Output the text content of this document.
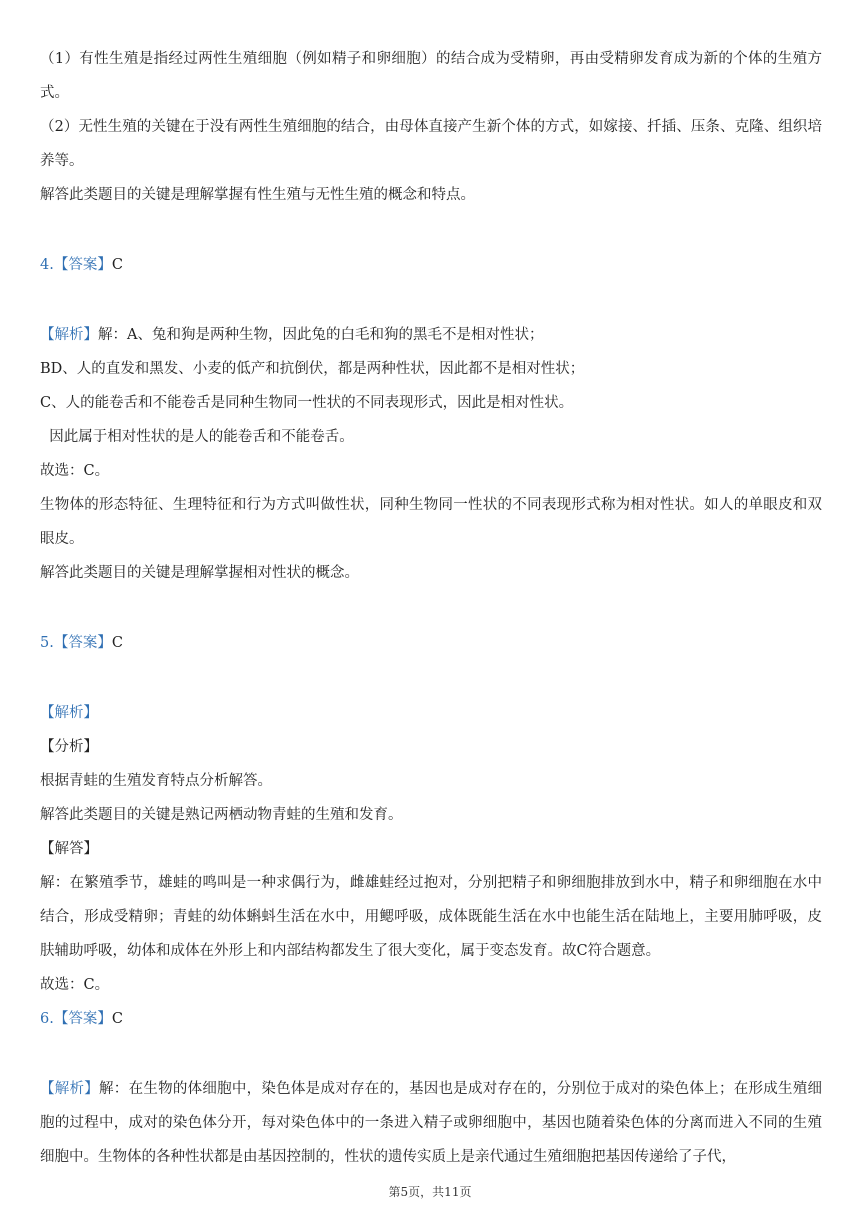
（1）有性生殖是指经过两性生殖细胞（例如精子和卵细胞）的结合成为受精卵，再由受精卵发育成为新的个体的生殖方式。

（2）无性生殖的关键在于没有两性生殖细胞的结合，由母体直接产生新个体的方式，如嫁接、扦插、压条、克隆、组织培养等。

解答此类题目的关键是理解掌握有性生殖与无性生殖的概念和特点。

4.【答案】C

【解析】解：A、兔和狗是两种生物，因此兔的白毛和狗的黑毛不是相对性状；

BD、人的直发和黑发、小麦的低产和抗倒伏，都是两种性状，因此都不是相对性状；

C、人的能卷舌和不能卷舌是同种生物同一性状的不同表现形式，因此是相对性状。

因此属于相对性状的是人的能卷舌和不能卷舌。

故选：C。

生物体的形态特征、生理特征和行为方式叫做性状，同种生物同一性状的不同表现形式称为相对性状。如人的单眼皮和双眼皮。

解答此类题目的关键是理解掌握相对性状的概念。

5.【答案】C

【解析】

【分析】

根据青蛙的生殖发育特点分析解答。

解答此类题目的关键是熟记两栖动物青蛙的生殖和发育。

【解答】

解：在繁殖季节，雄蛙的鸣叫是一种求偶行为，雌雄蛙经过抱对，分别把精子和卵细胞排放到水中，精子和卵细胞在水中结合，形成受精卵；青蛙的幼体蝌蚪生活在水中，用鳃呼吸，成体既能生活在水中也能生活在陆地上，主要用肺呼吸，皮肤辅助呼吸，幼体和成体在外形上和内部结构都发生了很大变化，属于变态发育。故C符合题意。

故选：C。

6.【答案】C

【解析】解：在生物的体细胞中，染色体是成对存在的，基因也是成对存在的，分别位于成对的染色体上；在形成生殖细胞的过程中，成对的染色体分开，每对染色体中的一条进入精子或卵细胞中，基因也随着染色体的分离而进入不同的生殖细胞中。生物体的各种性状都是由基因控制的，性状的遗传实质上是亲代通过生殖细胞把基因传递给了子代，

第5页，共11页
